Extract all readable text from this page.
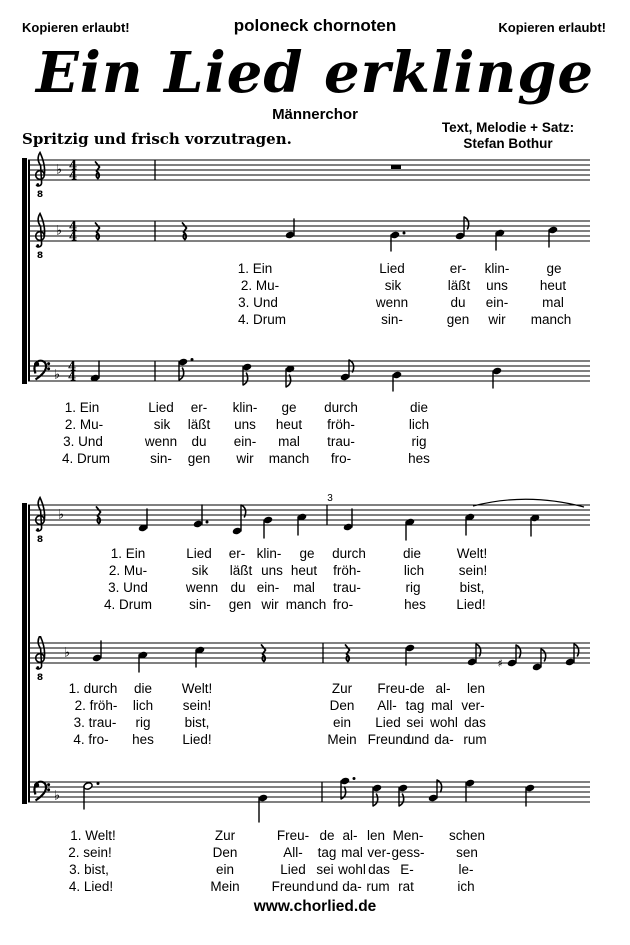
Kopieren erlaubt!	poloneck chornoten	Kopieren erlaubt!
Ein Lied erklinge
Männerchor
Text, Melodie + Satz:
Stefan Bothur
Spritzig und frisch vorzutragen.
8
♭ 4
4
8
♭ 4
4
♭
4
4
8
♭
3
8
♭
♯
♭
1. Ein	Lied	er- klin-	ge
2. Mu-	sik	läßt uns heut
3. Und	wenn	du ein-	mal
4. Drum	sin-	gen wir manch
1. Ein	Lied er- klin- ge durch	die
2. Mu-	sik läßt uns heut fröh-	lich
3. Und	wenn du ein- mal trau-	rig
4. Drum	sin- gen wir manch fro-	hes
1. Ein	Lied er- klin- ge durch	die	Welt!
2. Mu-	sik läßt uns heut fröh-	lich	sein!
3. Und	wenn du ein- mal trau-	rig	bist,
4. Drum	sin- gen wir manch fro-	hes Lied!
1. durch die Welt!	Zur Freu-de al- len
2. fröh- lich sein!	Den All- tag mal ver-
3. trau- rig	bist,	ein Lied sei wohl das
4. fro- hes Lied!	Mein Freund
und da- rum
1. Welt!	Zur	Freu- de al- len Men- schen
2. sein!	Den	All- tag mal ver- gess- sen
3. bist,	ein	Lied sei wohl das E-	le-
4. Lied!	Mein Freund und da- rum rat	ich
www.chorlied.de
